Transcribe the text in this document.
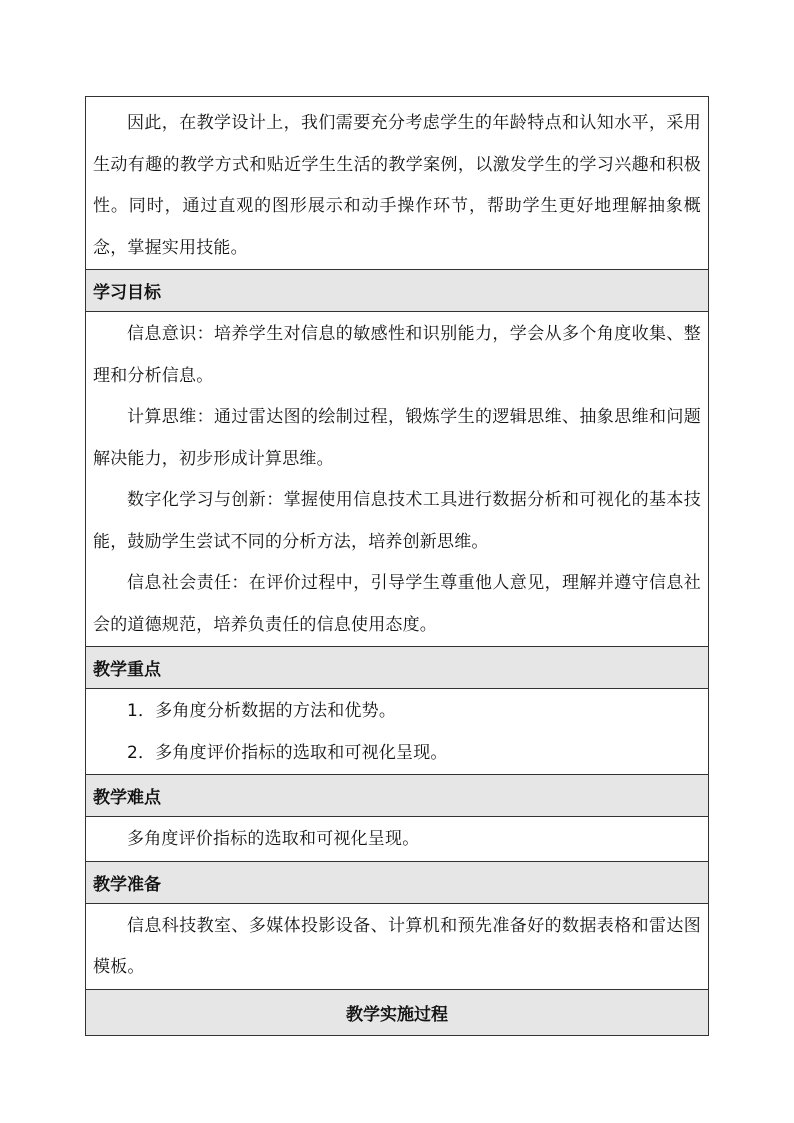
因此，在教学设计上，我们需要充分考虑学生的年龄特点和认知水平，采用生动有趣的教学方式和贴近学生生活的教学案例，以激发学生的学习兴趣和积极性。同时，通过直观的图形展示和动手操作环节，帮助学生更好地理解抽象概念，掌握实用技能。

学习目标

信息意识：培养学生对信息的敏感性和识别能力，学会从多个角度收集、整理和分析信息。

计算思维：通过雷达图的绘制过程，锻炼学生的逻辑思维、抽象思维和问题解决能力，初步形成计算思维。

数字化学习与创新：掌握使用信息技术工具进行数据分析和可视化的基本技能，鼓励学生尝试不同的分析方法，培养创新思维。

信息社会责任：在评价过程中，引导学生尊重他人意见，理解并遵守信息社会的道德规范，培养负责任的信息使用态度。

教学重点

1．多角度分析数据的方法和优势。

2．多角度评价指标的选取和可视化呈现。

教学难点

多角度评价指标的选取和可视化呈现。

教学准备

信息科技教室、多媒体投影设备、计算机和预先准备好的数据表格和雷达图模板。

教学实施过程
